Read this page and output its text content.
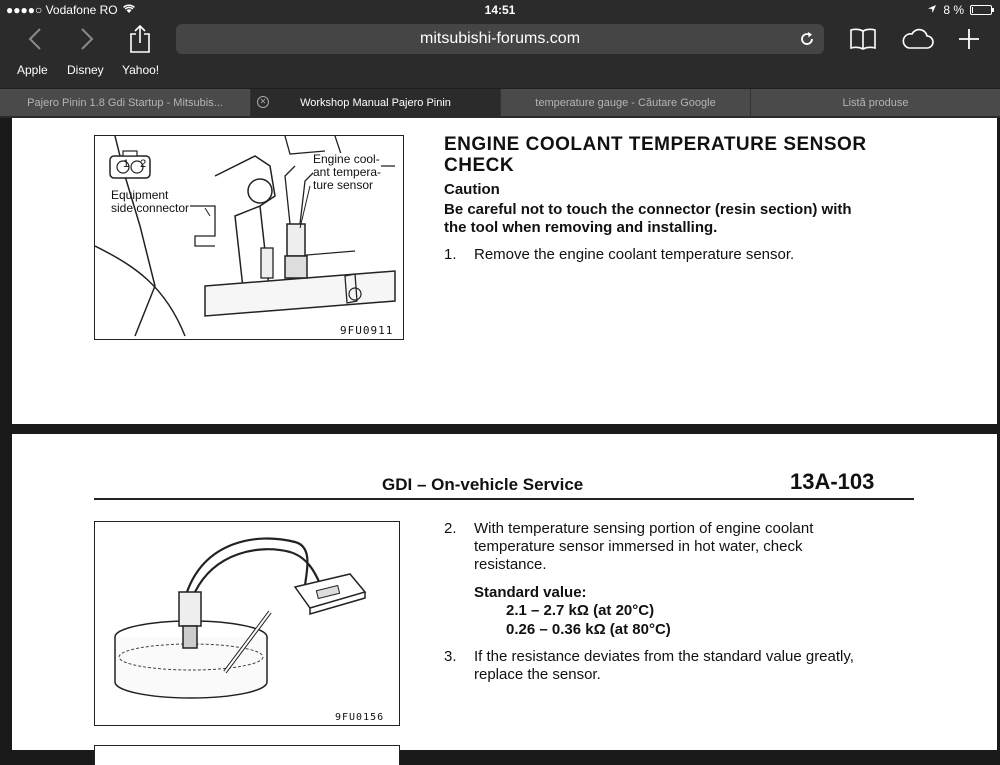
●●●●○ Vodafone RO	14:51	8 %
mitsubishi-forums.com
Apple Disney Yahoo!
Pajero Pinin 1.8 Gdi Startup - Mitsubis...	✕	Workshop Manual Pajero Pinin	temperature gauge - Căutare Google	Listă produse
1 2
Equipment
side connector
Engine cool-
ant tempera-
ture sensor
9FU0911
ENGINE COOLANT TEMPERATURE SENSOR
CHECK
Caution
Be careful not to touch the connector (resin section) with
the tool when removing and installing.
1. Remove the engine coolant temperature sensor.
GDI – On-vehicle Service	13A-103
9FU0156
2. With temperature sensing portion of engine coolant
temperature sensor immersed in hot water, check
resistance.
Standard value:
2.1 – 2.7 kΩ (at 20°C)
0.26 – 0.36 kΩ (at 80°C)
3. If the resistance deviates from the standard value greatly,
replace the sensor.
